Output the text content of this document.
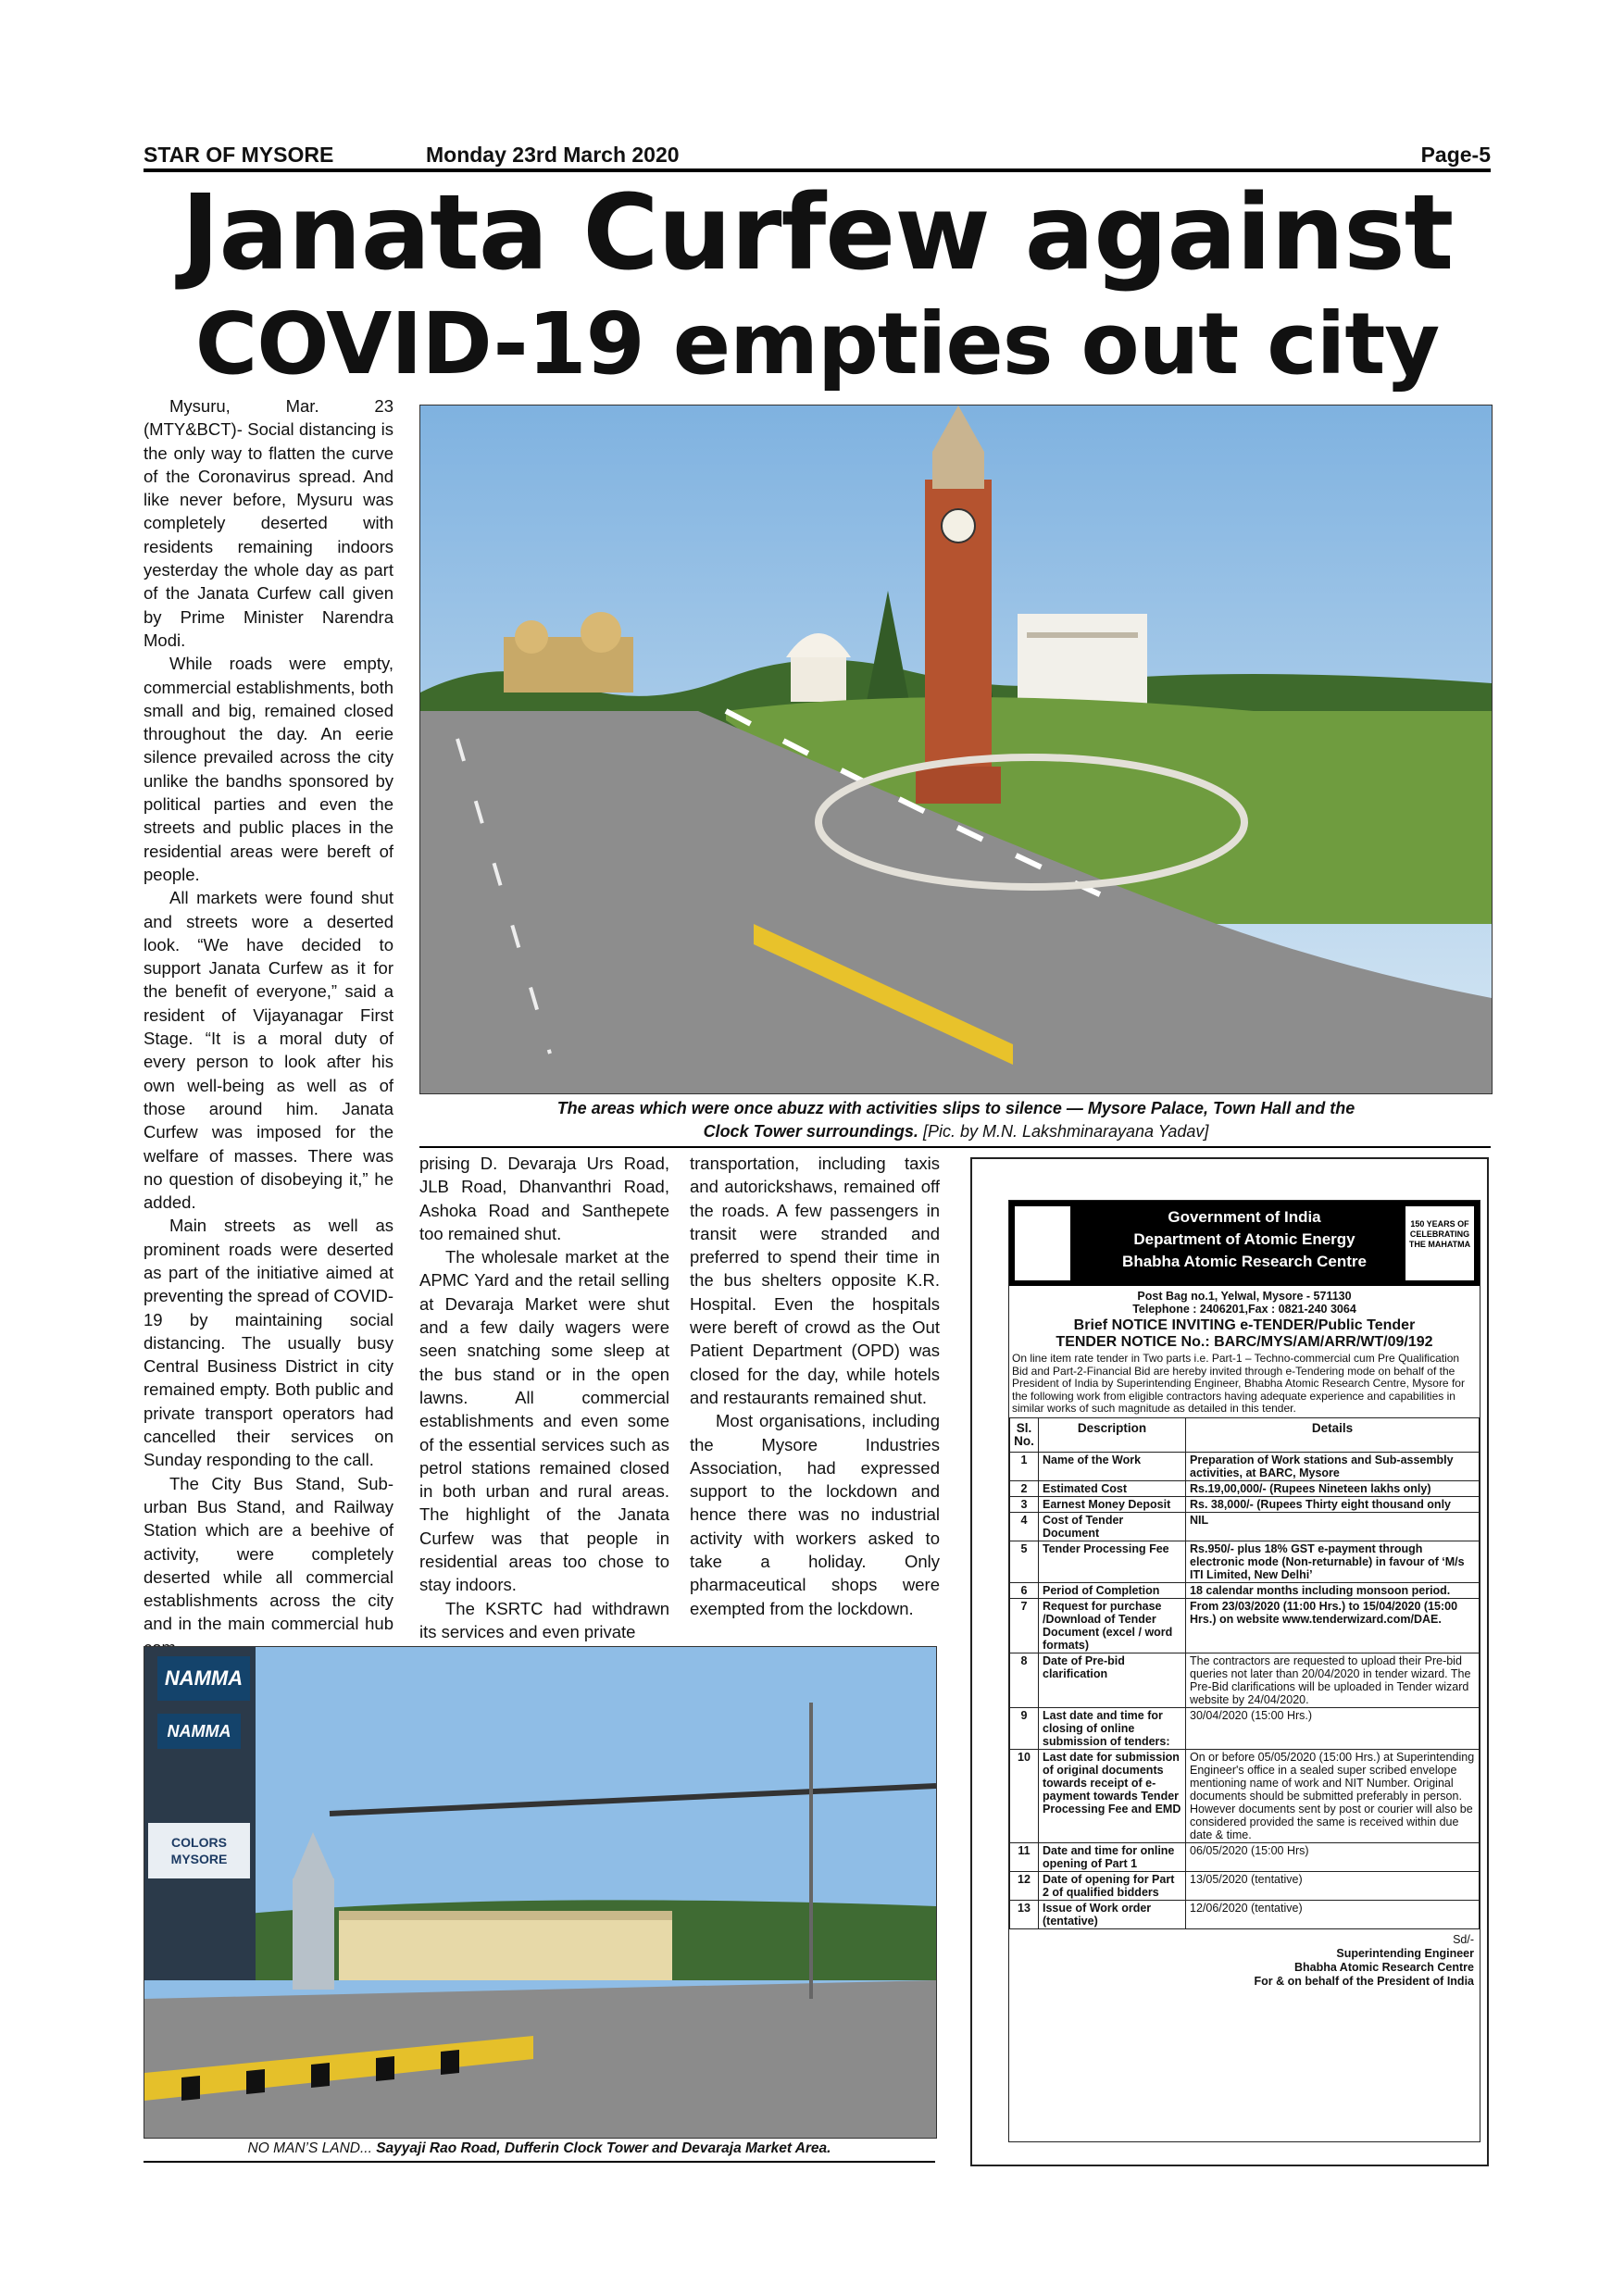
STAR OF MYSORE	Monday 23rd March 2020	Page-5
Janata Curfew against
COVID-19 empties out city

Mysuru, Mar. 23 (MTY&BCT)- Social distancing is the only way to flatten the curve of the Coronavirus spread. And like never before, Mysuru was completely deserted with residents remaining indoors yesterday the whole day as part of the Janata Curfew call given by Prime Minister Narendra Modi.

While roads were empty, commercial establishments, both small and big, remained closed throughout the day. An eerie silence prevailed across the city unlike the bandhs sponsored by political parties and even the streets and public places in the residential areas were bereft of people.

All markets were found shut and streets wore a deserted look. “We have decided to support Janata Curfew as it for the benefit of everyone,” said a resident of Vijayanagar First Stage. “It is a moral duty of every person to look after his own well-being as well as of those around him. Janata Curfew was imposed for the welfare of masses. There was no question of disobeying it,” he added.

Main streets as well as prominent roads were deserted as part of the initiative aimed at preventing the spread of COVID-19 by maintaining social distancing. The usually busy Central Business District in city remained empty. Both public and private transport operators had cancelled their services on Sunday responding to the call.

The City Bus Stand, Sub-urban Bus Stand, and Railway Station which are a beehive of activity, were completely deserted while all commercial establishments across the city and in the main commercial hub

The areas which were once abuzz with activities slips to silence — Mysore Palace, Town Hall and the
Clock Tower surroundings. [Pic. by M.N. Lakshminarayana Yadav]

prising D. Devaraja Urs Road, JLB Road, Dhanvanthri Road, Ashoka Road and Santhepete too remained shut.

The wholesale market at the APMC Yard and the retail selling at Devaraja Market were shut and a few daily wagers were seen snatching some sleep at the bus stand or in the open lawns. All commercial establishments and even some of the essential services such as petrol stations remained closed in both urban and rural areas. The highlight of the Janata Curfew was that people in residential areas too chose to stay indoors.

The KSRTC had withdrawn its services and even private

transportation, including taxis and autorickshaws, remained off the roads. A few passengers in transit were stranded and preferred to spend their time in the bus shelters opposite K.R. Hospital. Even the hospitals were bereft of crowd as the Out Patient Department (OPD) was closed for the day, while hotels and restaurants remained shut.

Most organisations, including the Mysore Industries Association, had expressed support to the lockdown and hence there was no industrial activity with workers asked to take a holiday. Only pharmaceutical shops were exempted from the lockdown.

NAMMA
NAMMA
COLORS MYSORE
NO MAN’S LAND... Sayyaji Rao Road, Dufferin Clock Tower and Devaraja Market Area.
Government of India
Department of Atomic Energy
Bhabha Atomic Research Centre
150 YEARS OF CELEBRATING THE MAHATMA
Post Bag no.1, Yelwal, Mysore - 571130
Telephone : 2406201,Fax : 0821-240 3064
Brief NOTICE INVITING e-TENDER/Public Tender
TENDER NOTICE No.: BARC/MYS/AM/ARR/WT/09/192
On line item rate tender in Two parts i.e. Part-1 – Techno-commercial cum Pre Qualification Bid and Part-2-Financial Bid are hereby invited through e-Tendering mode on behalf of the President of India by Superintending Engineer, Bhabha Atomic Research Centre, Mysore for the following work from eligible contractors having adequate experience and capabilities in similar works of such magnitude as detailed in this tender.
Sl. No.	Description	Details
1	Name of the Work	Preparation of Work stations and Sub-assembly activities, at BARC, Mysore
2	Estimated Cost	Rs.19,00,000/- (Rupees Nineteen lakhs only)
3	Earnest Money Deposit	Rs. 38,000/- (Rupees Thirty eight thousand only
4	Cost of Tender Document	NIL
5	Tender Processing Fee	Rs.950/- plus 18% GST e-payment through electronic mode (Non-returnable) in favour of ‘M/s ITI Limited, New Delhi’
6	Period of Completion	18 calendar months including monsoon period.
7	Request for purchase /Download of Tender Document (excel / word formats)	From 23/03/2020 (11:00 Hrs.) to 15/04/2020 (15:00 Hrs.) on website www.tenderwizard.com/DAE.
8	Date of Pre-bid clarification	The contractors are requested to upload their Pre-bid queries not later than 20/04/2020 in tender wizard. The Pre-Bid clarifications will be uploaded in Tender wizard website by 24/04/2020.
9	Last date and time for closing of online submission of tenders:	30/04/2020 (15:00 Hrs.)
10	Last date for submission of original documents towards receipt of e-payment towards Tender Processing Fee and EMD	On or before 05/05/2020 (15:00 Hrs.) at Superintending Engineer's office in a sealed super scribed envelope mentioning name of work and NIT Number. Original documents should be submitted preferably in person. However documents sent by post or courier will also be considered provided the same is received within due date & time.
11	Date and time for online opening of Part 1	06/05/2020 (15:00 Hrs)
12	Date of opening for Part 2 of qualified bidders	13/05/2020 (tentative)
13	Issue of Work order (tentative)	12/06/2020 (tentative)
Sd/-
Superintending Engineer
Bhabha Atomic Research Centre
For & on behalf of the President of India
